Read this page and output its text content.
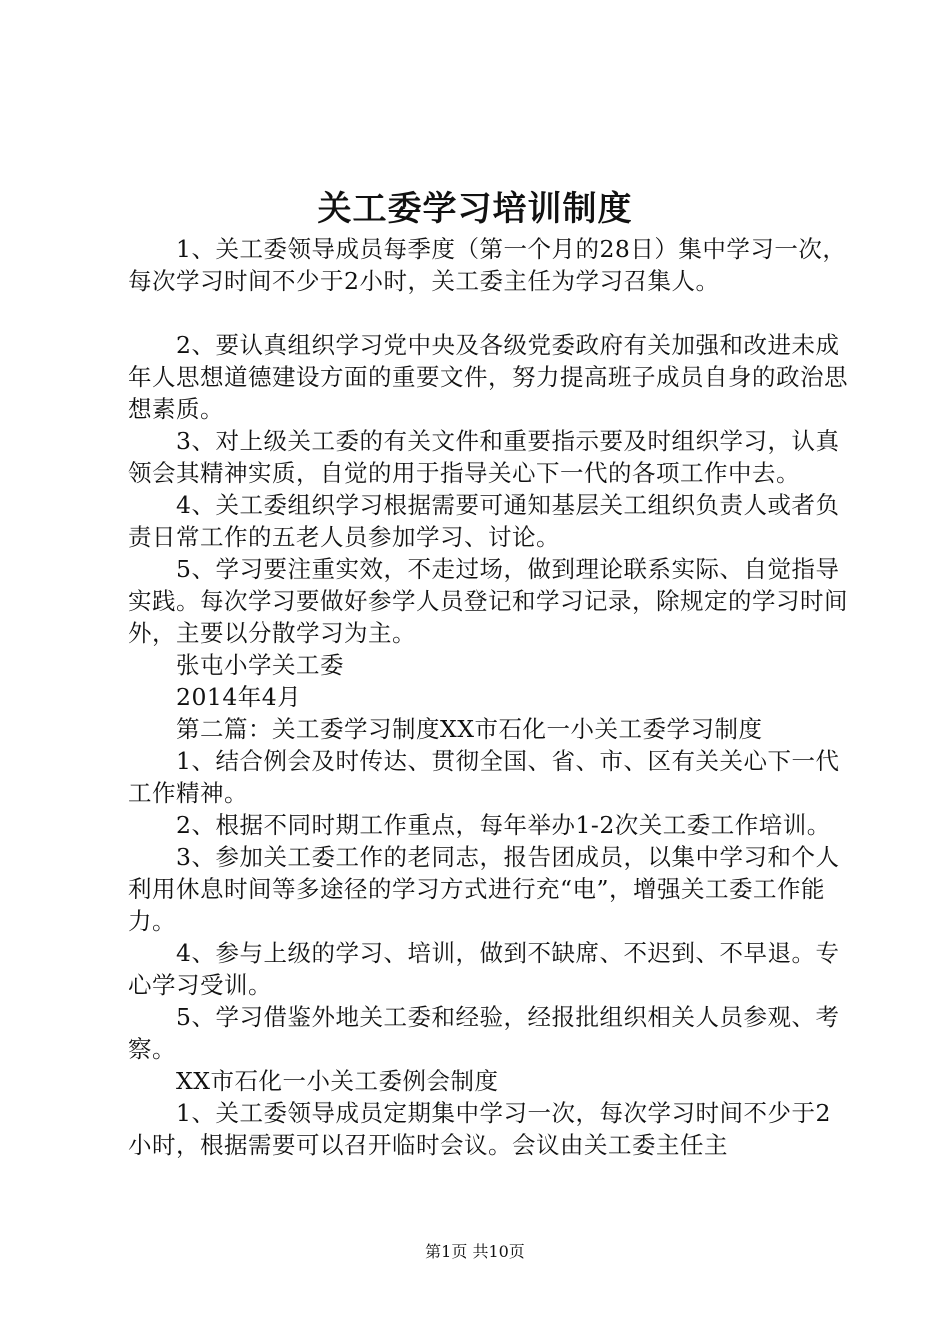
关工委学习培训制度

1、关工委领导成员每季度（第一个月的28日）集中学习一次，每次学习时间不少于2小时，关工委主任为学习召集人。

2、要认真组织学习党中央及各级党委政府有关加强和改进未成年人思想道德建设方面的重要文件，努力提高班子成员自身的政治思想素质。

3、对上级关工委的有关文件和重要指示要及时组织学习，认真领会其精神实质，自觉的用于指导关心下一代的各项工作中去。

4、关工委组织学习根据需要可通知基层关工组织负责人或者负责日常工作的五老人员参加学习、讨论。

5、学习要注重实效，不走过场，做到理论联系实际、自觉指导实践。每次学习要做好参学人员登记和学习记录，除规定的学习时间外，主要以分散学习为主。

张屯小学关工委

2014年4月

第二篇：关工委学习制度XX市石化一小关工委学习制度

1、结合例会及时传达、贯彻全国、省、市、区有关关心下一代工作精神。

2、根据不同时期工作重点，每年举办1-2次关工委工作培训。

3、参加关工委工作的老同志，报告团成员，以集中学习和个人利用休息时间等多途径的学习方式进行充“电”，增强关工委工作能力。

4、参与上级的学习、培训，做到不缺席、不迟到、不早退。专心学习受训。

5、学习借鉴外地关工委和经验，经报批组织相关人员参观、考察。

XX市石化一小关工委例会制度

1、关工委领导成员定期集中学习一次，每次学习时间不少于2小时，根据需要可以召开临时会议。会议由关工委主任主

第1页 共10页
